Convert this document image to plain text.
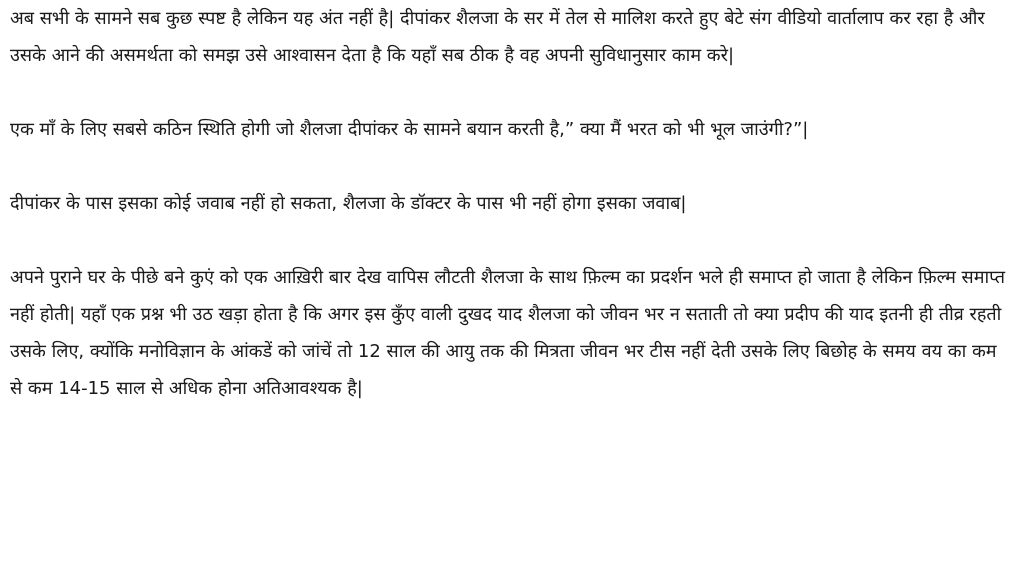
अब सभी के सामने सब कुछ स्पष्ट है लेकिन यह अंत नहीं है| दीपांकर शैलजा के सर में तेल से मालिश करते हुए बेटे संग वीडियो वार्तालाप कर रहा है और उसके आने की असमर्थता को समझ उसे आश्वासन देता है कि यहाँ सब ठीक है वह अपनी सुविधानुसार काम करे|

एक माँ के लिए सबसे कठिन स्थिति होगी जो शैलजा दीपांकर के सामने बयान करती है,” क्या मैं भरत को भी भूल जाउंगी?”|

दीपांकर के पास इसका कोई जवाब नहीं हो सकता, शैलजा के डॉक्टर के पास भी नहीं होगा इसका जवाब|

अपने पुराने घर के पीछे बने कुएं को एक आख़िरी बार देख वापिस लौटती शैलजा के साथ फ़िल्म का प्रदर्शन भले ही समाप्त हो जाता है लेकिन फ़िल्म समाप्त नहीं होती| यहाँ एक प्रश्न भी उठ खड़ा होता है कि अगर इस कुँए वाली दुखद याद शैलजा को जीवन भर न सताती तो क्या प्रदीप की याद इतनी ही तीव्र रहती उसके लिए, क्योंकि मनोविज्ञान के आंकडें को जांचें तो 12 साल की आयु तक की मित्रता जीवन भर टीस नहीं देती उसके लिए बिछोह के समय वय का कम से कम 14-15 साल से अधिक होना अतिआवश्यक है|
